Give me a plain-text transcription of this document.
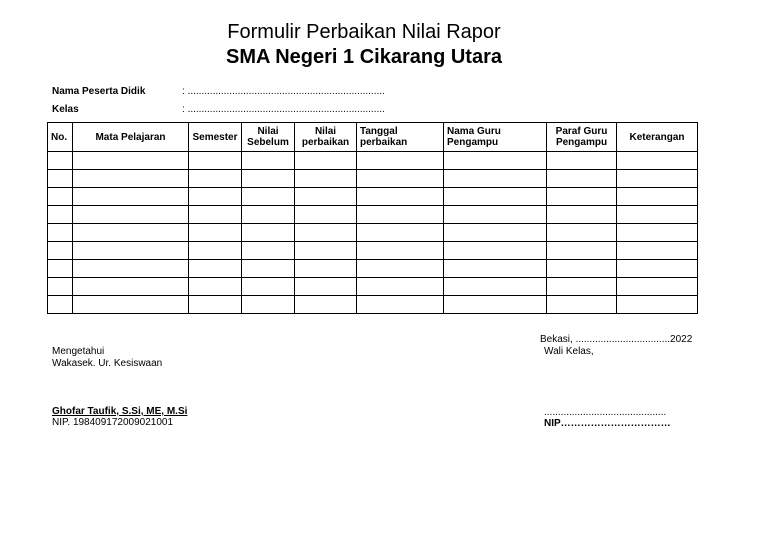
Formulir Perbaikan Nilai Rapor
SMA Negeri 1 Cikarang Utara
Nama Peserta Didik	: .......................................................................
Kelas	: .......................................................................
No.	Mata Pelajaran	Semester	Nilai Sebelum	Nilai perbaikan	Tanggal perbaikan	Nama Guru Pengampu	Paraf Guru Pengampu	Keterangan

Bekasi, ..................................2022
Wali Kelas,
Mengetahui
Wakasek. Ur. Kesiswaan
Ghofar Taufik, S.Si, ME, M.Si
NIP. 198409172009021001
............................................
NIP……………………………
